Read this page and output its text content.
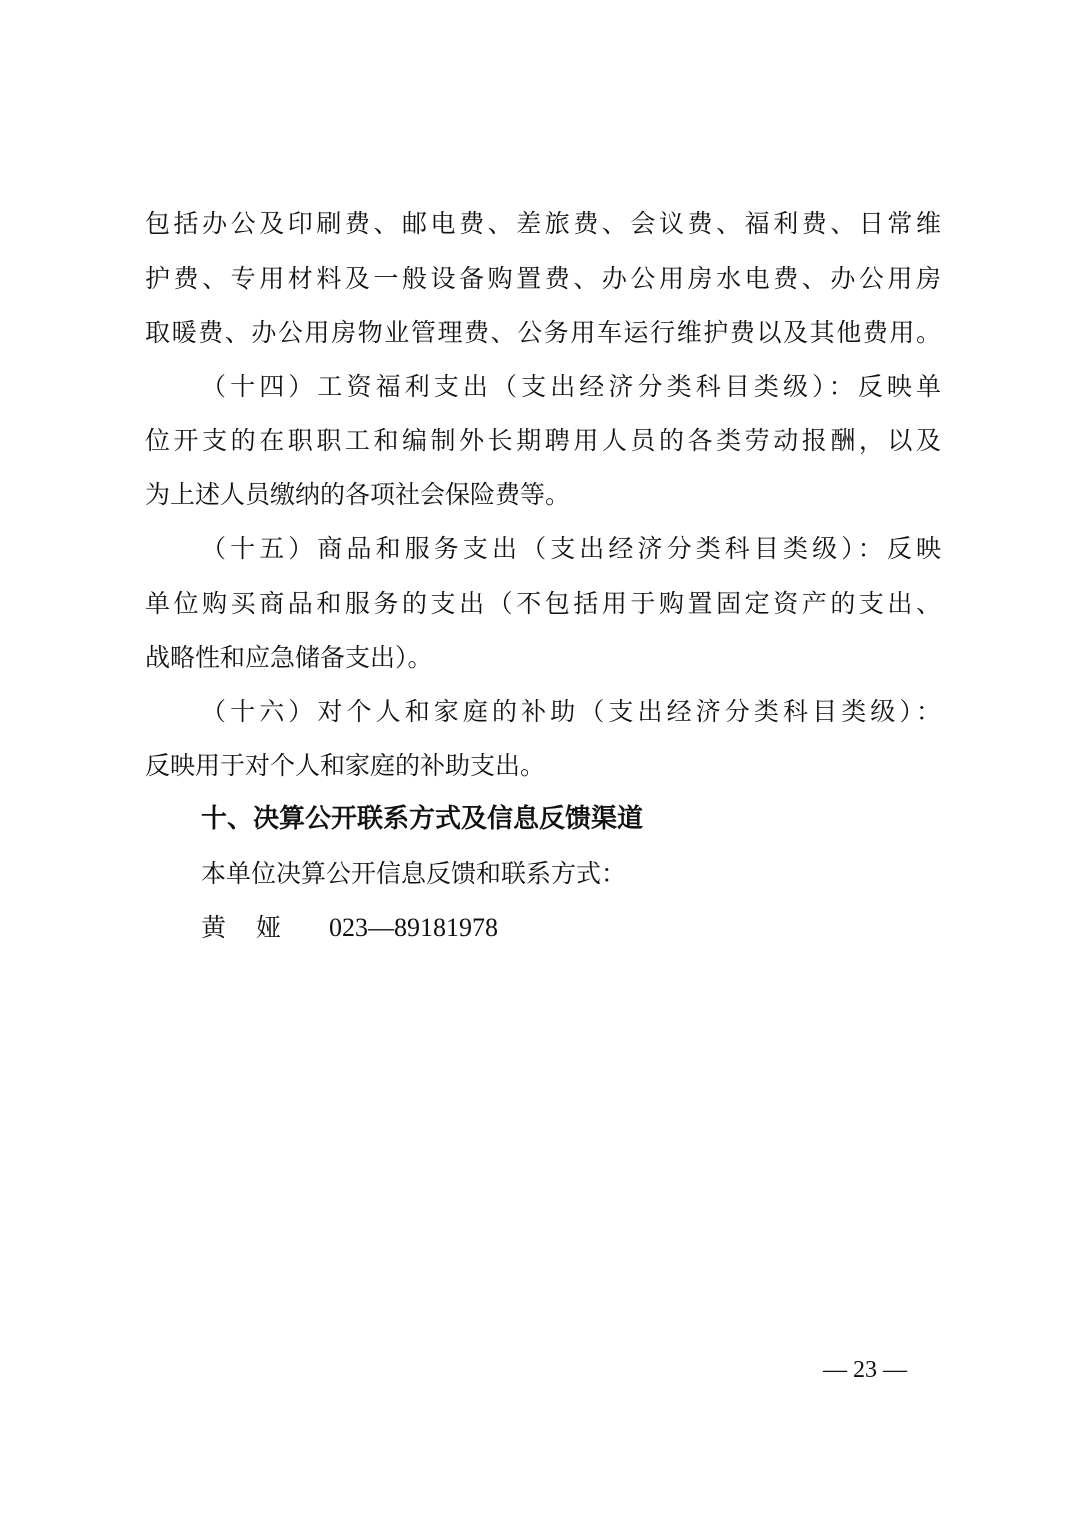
包括办公及印刷费、邮电费、差旅费、会议费、福利费、日常维
护费、专用材料及一般设备购置费、办公用房水电费、办公用房
取暖费、办公用房物业管理费、公务用车运行维护费以及其他费用。
（十四）工资福利支出（支出经济分类科目类级）：反映单
位开支的在职职工和编制外长期聘用人员的各类劳动报酬，以及
为上述人员缴纳的各项社会保险费等。
（十五）商品和服务支出（支出经济分类科目类级）：反映
单位购买商品和服务的支出（不包括用于购置固定资产的支出、
战略性和应急储备支出）。
（十六）对个人和家庭的补助（支出经济分类科目类级）：
反映用于对个人和家庭的补助支出。
十、决算公开联系方式及信息反馈渠道
本单位决算公开信息反馈和联系方式：
黄娅 023—89181978
— 23 —
